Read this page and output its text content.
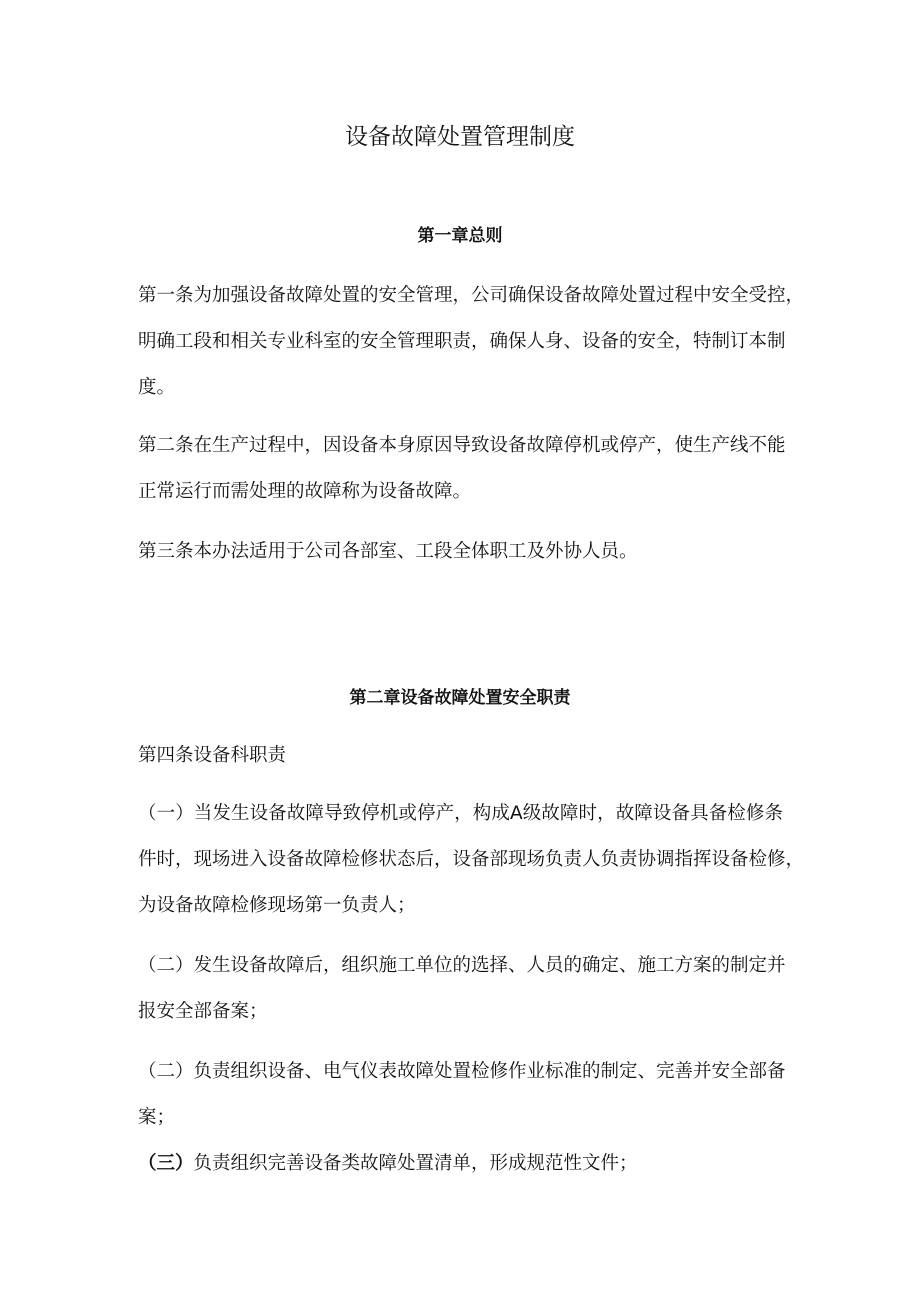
设备故障处置管理制度
第一章总则
第一条为加强设备故障处置的安全管理，公司确保设备故障处置过程中安全受控，
明确工段和相关专业科室的安全管理职责，确保人身、设备的安全，特制订本制
度。
第二条在生产过程中，因设备本身原因导致设备故障停机或停产，使生产线不能
正常运行而需处理的故障称为设备故障。
第三条本办法适用于公司各部室、工段全体职工及外协人员。
第二章设备故障处置安全职责
第四条设备科职责
（一）当发生设备故障导致停机或停产，构成A级故障时，故障设备具备检修条
件时，现场进入设备故障检修状态后，设备部现场负责人负责协调指挥设备检修，
为设备故障检修现场第一负责人；
（二）发生设备故障后，组织施工单位的选择、人员的确定、施工方案的制定并
报安全部备案；
（二）负责组织设备、电气仪表故障处置检修作业标准的制定、完善并安全部备
案；
（三）负责组织完善设备类故障处置清单，形成规范性文件；
